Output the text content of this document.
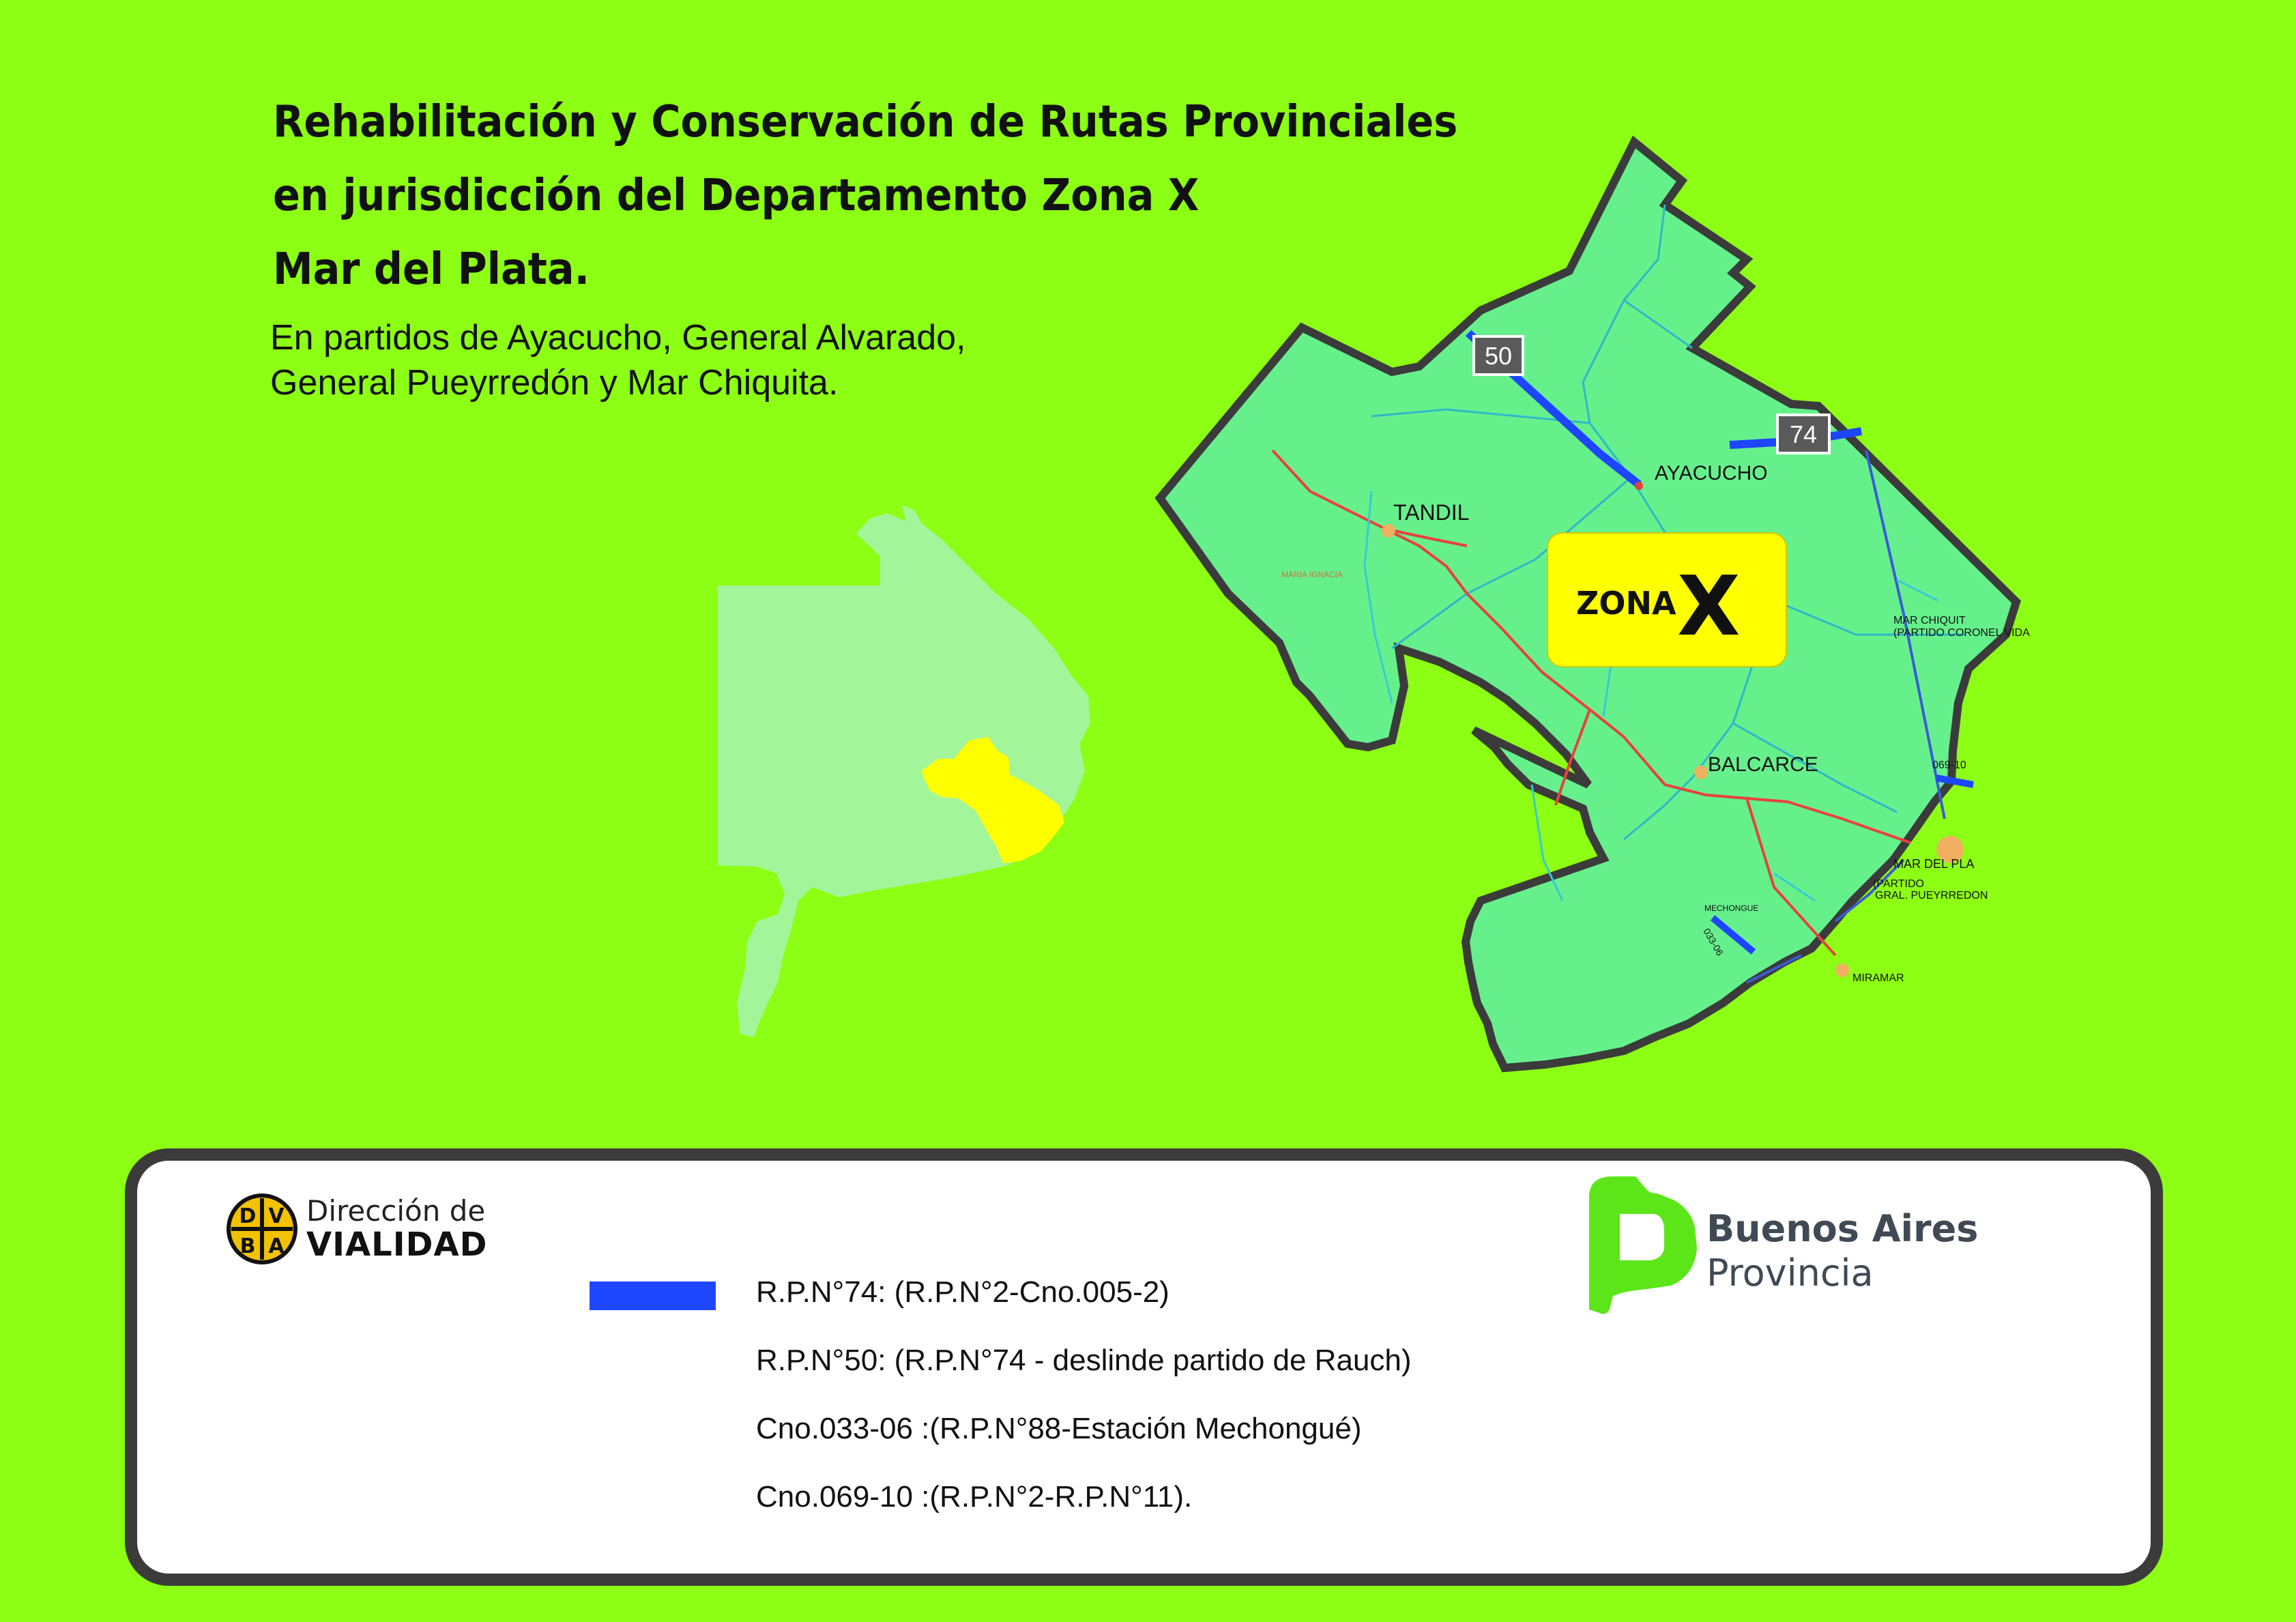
Rehabilitación y Conservación de Rutas Provinciales
en jurisdicción del Departamento Zona X
Mar del Plata.
En partidos de Ayacucho, General Alvarado,
General Pueyrredón y Mar Chiquita.
50
74
TANDIL
AYACUCHO
BALCARCE
MAR DEL PLA
(PARTIDO
GRAL. PUEYRREDON
MIRAMAR
MAR CHIQUIT
(PARTIDO CORONEL VIDA
MARIA IGNACIA
MECHONGUE
069-10
033-06
ZONA X
D V
B A
Dirección de
VIALIDAD
R.P.N°74: (R.P.N°2-Cno.005-2)
R.P.N°50: (R.P.N°74 - deslinde partido de Rauch)
Cno.033-06 :(R.P.N°88-Estación Mechongué)
Cno.069-10 :(R.P.N°2-R.P.N°11).
Buenos Aires
Provincia
